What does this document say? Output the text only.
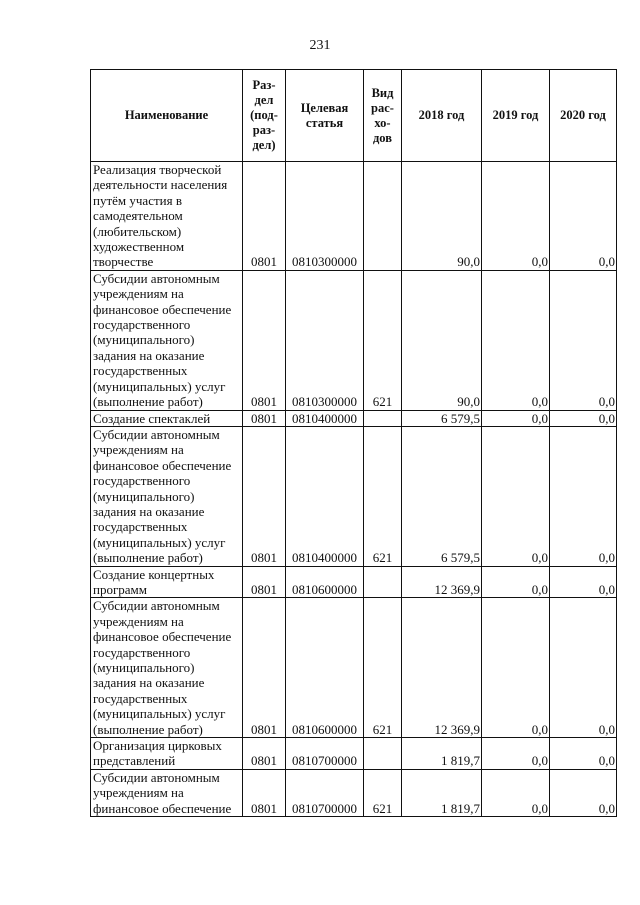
231
Наименование	Раз-
дел
(под-
раз-
дел)	Целевая
статья	Вид
рас-
хо-
дов	2018 год	2019 год	2020 год
Реализация творческой деятельности населения путём участия в самодеятельном (любительском) художественном творчестве	0801	0810300000		90,0	0,0	0,0
Субсидии автономным учреждениям на финансовое обеспечение государственного (муниципального) задания на оказание государственных (муниципальных) услуг (выполнение работ)	0801	0810300000	621	90,0	0,0	0,0
Создание спектаклей	0801	0810400000		6 579,5	0,0	0,0
Субсидии автономным учреждениям на финансовое обеспечение государственного (муниципального) задания на оказание государственных (муниципальных) услуг (выполнение работ)	0801	0810400000	621	6 579,5	0,0	0,0
Создание концертных программ	0801	0810600000		12 369,9	0,0	0,0
Субсидии автономным учреждениям на финансовое обеспечение государственного (муниципального) задания на оказание государственных (муниципальных) услуг (выполнение работ)	0801	0810600000	621	12 369,9	0,0	0,0
Организация цирковых представлений	0801	0810700000		1 819,7	0,0	0,0
Субсидии автономным учреждениям на финансовое обеспечение	0801	0810700000	621	1 819,7	0,0	0,0
